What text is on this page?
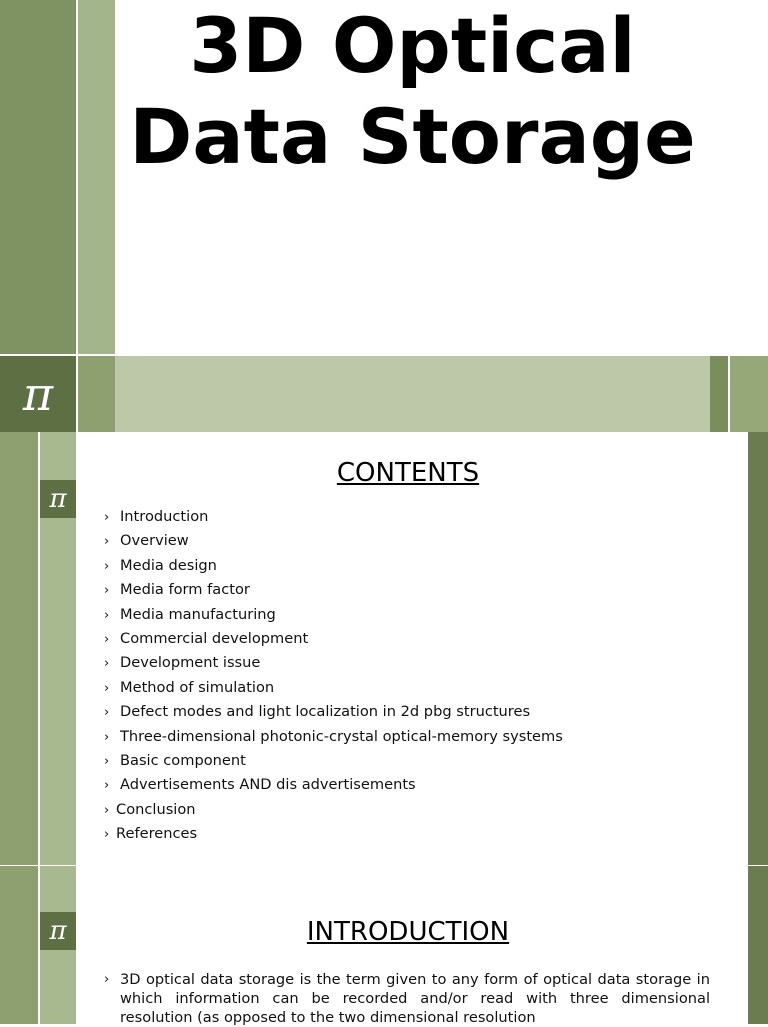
3D Optical Data Storage
π
π
CONTENTS
› Introduction
› Overview
› Media design
› Media form factor
› Media manufacturing
› Commercial development
› Development issue
› Method of simulation
› Defect modes and light localization in 2d pbg structures
› Three-dimensional photonic-crystal optical-memory systems
› Basic component
› Advertisements AND dis advertisements
› Conclusion
› References
π	INTRODUCTION
› 3D optical data storage is the term given to any form of optical data storage in which information can be recorded and/or read with three dimensional resolution (as opposed to the two dimensional resolution
